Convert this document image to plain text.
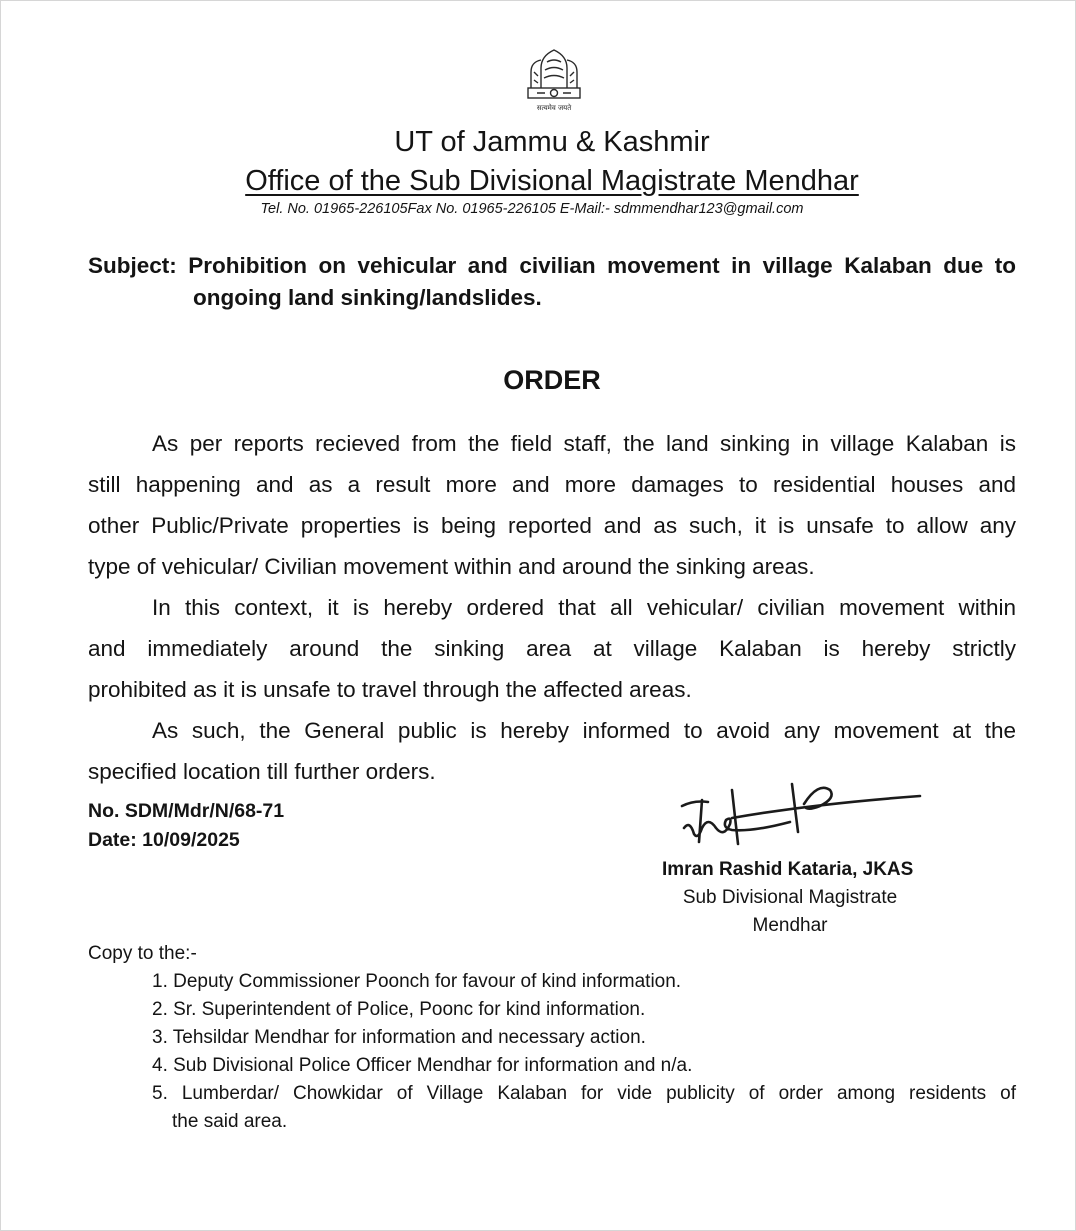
सत्यमेव जयते
UT of Jammu & Kashmir
Office of the Sub Divisional Magistrate Mendhar
Tel. No. 01965-226105Fax No. 01965-226105 E-Mail:- sdmmendhar123@gmail.com
Subject: Prohibition on vehicular and civilian movement in village Kalaban due to
ongoing land sinking/landslides.
ORDER
As per reports recieved from the field staff, the land sinking in village Kalaban is
still happening and as a result more and more damages to residential houses and
other Public/Private properties is being reported and as such, it is unsafe to allow any
type of vehicular/ Civilian movement within and around the sinking areas.
In this context, it is hereby ordered that all vehicular/ civilian movement within
and immediately around the sinking area at village Kalaban is hereby strictly
prohibited as it is unsafe to travel through the affected areas.
As such, the General public is hereby informed to avoid any movement at the
specified location till further orders.
No. SDM/Mdr/N/68-71
Date: 10/09/2025
Imran Rashid Kataria, JKAS
Sub Divisional Magistrate
Mendhar
Copy to the:-
1. Deputy Commissioner Poonch for favour of kind information.
2. Sr. Superintendent of Police, Poonc for kind information.
3. Tehsildar Mendhar for information and necessary action.
4. Sub Divisional Police Officer Mendhar for information and n/a.
5. Lumberdar/ Chowkidar of Village Kalaban for vide publicity of order among residents of
the said area.
